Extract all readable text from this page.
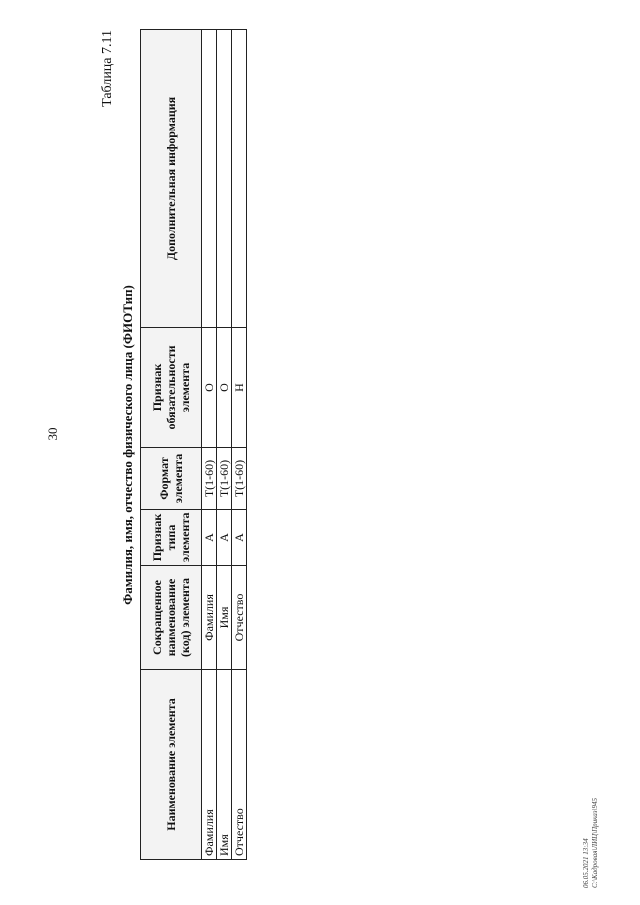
30
Таблица 7.11
Фамилия, имя, отчество физического лица (ФИОТип)
Наименование элемента	Сокращенное наименование (код) элемента	Признак типа элемента	Формат элемента	Признак обязательности элемента	Дополнительная информация
Фамилия	Фамилия	А	T(1-60)	О	
Имя	Имя	А	T(1-60)	О	
Отчество	Отчество	А	T(1-60)	Н	
06.05.2021 13:34
С:\Кадровая\ЛИЦ\Приказ\945
